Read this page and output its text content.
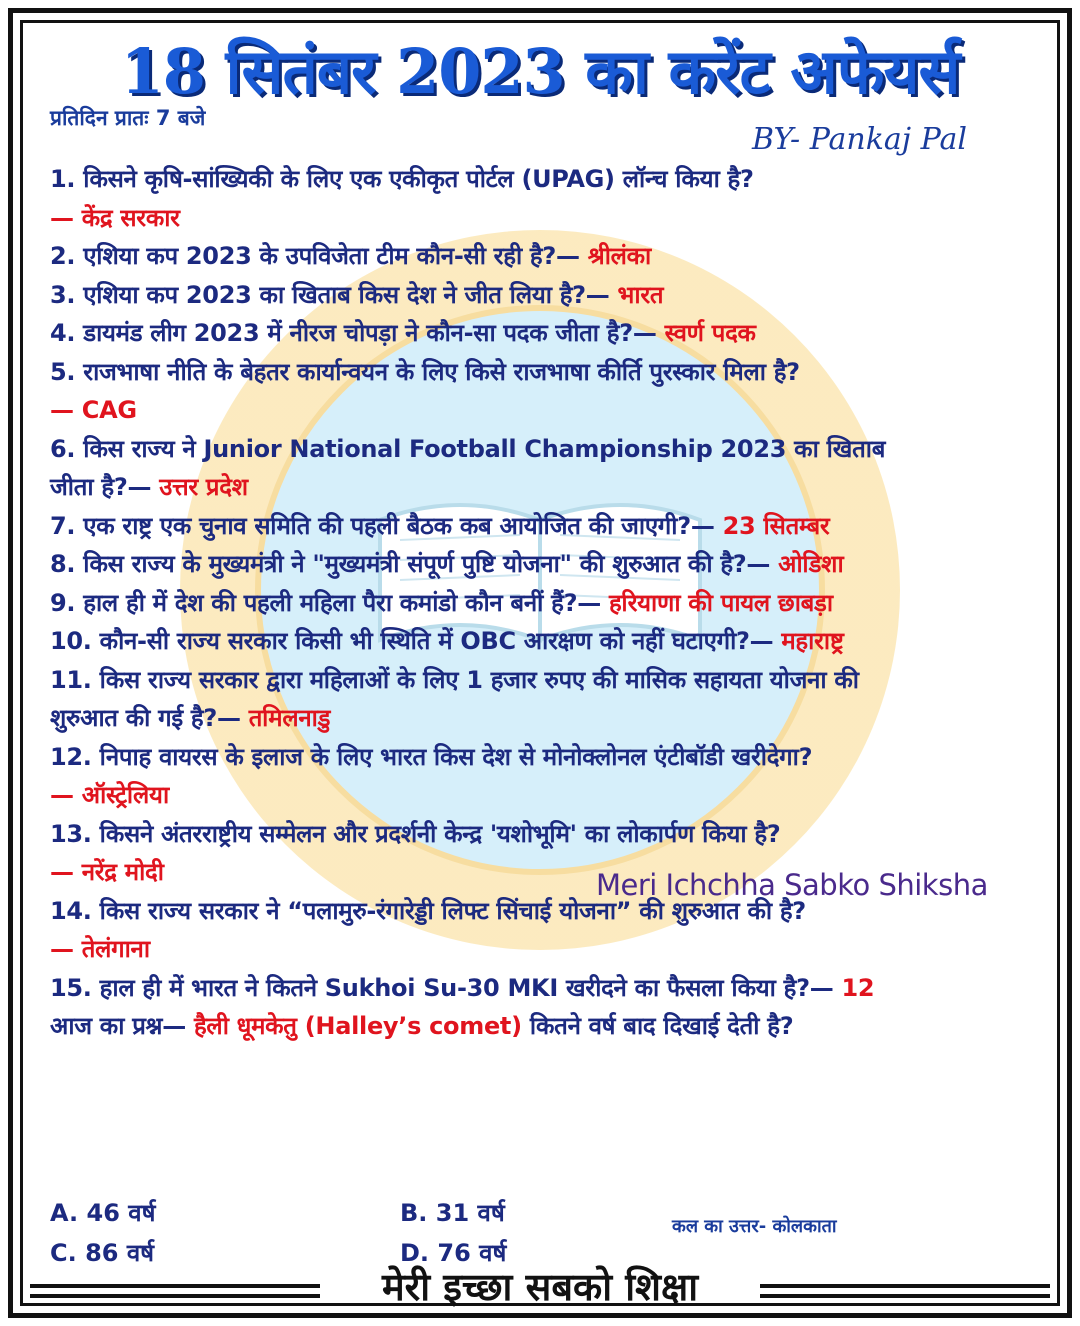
18 सितंबर 2023 का करेंट अफेयर्स
प्रतिदिन प्रातः 7 बजे
BY- Pankaj Pal
1. किसने कृषि-सांख्यिकी के लिए एक एकीकृत पोर्टल (UPAG) लॉन्च किया है?
— केंद्र सरकार
2. एशिया कप 2023 के उपविजेता टीम कौन-सी रही है?— श्रीलंका
3. एशिया कप 2023 का खिताब किस देश ने जीत लिया है?— भारत
4. डायमंड लीग 2023 में नीरज चोपड़ा ने कौन-सा पदक जीता है?— स्वर्ण पदक
5. राजभाषा नीति के बेहतर कार्यान्वयन के लिए किसे राजभाषा कीर्ति पुरस्कार मिला है?
— CAG
6. किस राज्य ने Junior National Football Championship 2023 का खिताब
जीता है?— उत्तर प्रदेश
7. एक राष्ट्र एक चुनाव समिति की पहली बैठक कब आयोजित की जाएगी?— 23 सितम्बर
8. किस राज्य के मुख्यमंत्री ने "मुख्यमंत्री संपूर्ण पुष्टि योजना" की शुरुआत की है?— ओडिशा
9. हाल ही में देश की पहली महिला पैरा कमांडो कौन बनीं हैं?— हरियाणा की पायल छाबड़ा
10. कौन-सी राज्य सरकार किसी भी स्थिति में OBC आरक्षण को नहीं घटाएगी?— महाराष्ट्र
11. किस राज्य सरकार द्वारा महिलाओं के लिए 1 हजार रुपए की मासिक सहायता योजना की
शुरुआत की गई है?— तमिलनाडु
12. निपाह वायरस के इलाज के लिए भारत किस देश से मोनोक्लोनल एंटीबॉडी खरीदेगा?
— ऑस्ट्रेलिया
13. किसने अंतरराष्ट्रीय सम्मेलन और प्रदर्शनी केन्द्र 'यशोभूमि' का लोकार्पण किया है?
— नरेंद्र मोदी
14. किस राज्य सरकार ने “पलामुरु-रंगारेड्डी लिफ्ट सिंचाई योजना” की शुरुआत की है?
— तेलंगाना
15. हाल ही में भारत ने कितने Sukhoi Su-30 MKI खरीदने का फैसला किया है?— 12
आज का प्रश्न— हैली धूमकेतु (Halley’s comet) कितने वर्ष बाद दिखाई देती है?
Meri Ichchha Sabko Shiksha
A. 46 वर्ष	B. 31 वर्ष
C. 86 वर्ष	D. 76 वर्ष
कल का उत्तर- कोलकाता
मेरी इच्छा सबको शिक्षा
